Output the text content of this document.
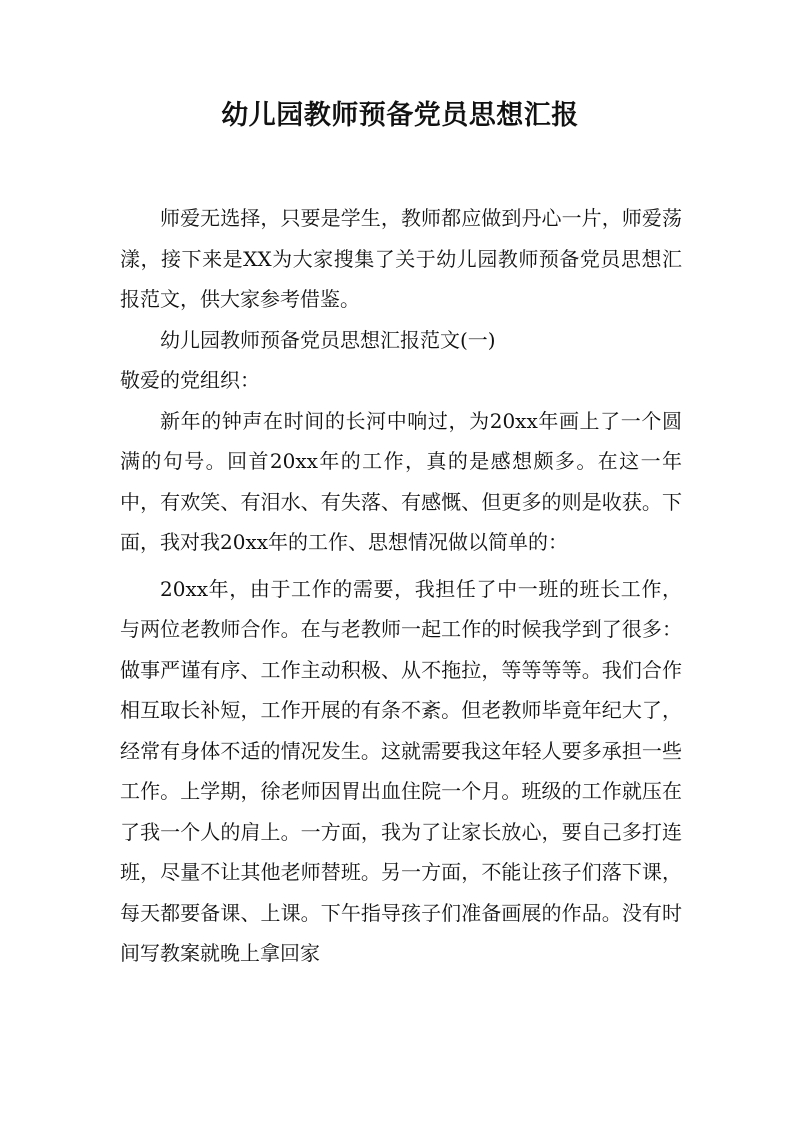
幼儿园教师预备党员思想汇报

师爱无选择，只要是学生，教师都应做到丹心一片，师爱荡漾，接下来是XX为大家搜集了关于幼儿园教师预备党员思想汇报范文，供大家参考借鉴。

幼儿园教师预备党员思想汇报范文(一)

敬爱的党组织：

新年的钟声在时间的长河中响过，为20xx年画上了一个圆满的句号。回首20xx年的工作，真的是感想颇多。在这一年中，有欢笑、有泪水、有失落、有感慨、但更多的则是收获。下面，我对我20xx年的工作、思想情况做以简单的：

20xx年，由于工作的需要，我担任了中一班的班长工作，与两位老教师合作。在与老教师一起工作的时候我学到了很多：做事严谨有序、工作主动积极、从不拖拉，等等等等。我们合作相互取长补短，工作开展的有条不紊。但老教师毕竟年纪大了，经常有身体不适的情况发生。这就需要我这年轻人要多承担一些工作。上学期，徐老师因胃出血住院一个月。班级的工作就压在了我一个人的肩上。一方面，我为了让家长放心，要自己多打连班，尽量不让其他老师替班。另一方面，不能让孩子们落下课，每天都要备课、上课。下午指导孩子们准备画展的作品。没有时间写教案就晚上拿回家
